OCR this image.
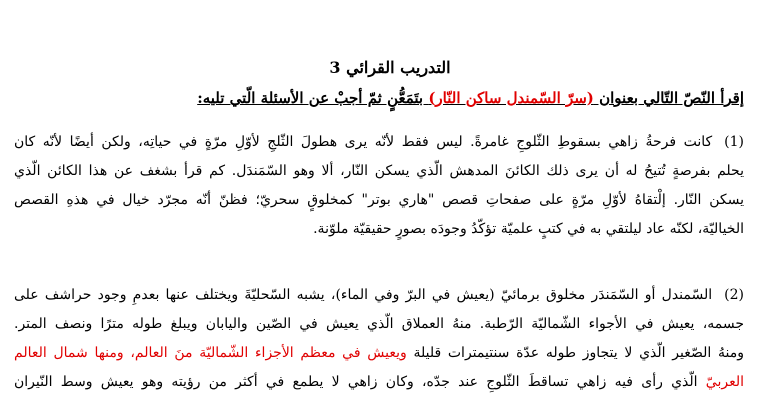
التدريب القرائي 3
إقرأ النّصّ التّالي بعنوان (سرّ السّمندل ساكن النّار) بتَمَعُّنٍ ثمّ أجبْ عن الأسئلة الّتي تليه:
(1)كانت فرحةُ زاهي بسقوطِ الثّلوجِ غامرةً. ليس فقط لأنّه يرى هطولَ الثّلجِ لأوّلِ مرّةٍ في حياتِه، ولكن أيضًا لأنّه كان
يحلم بفرصةٍ تُتيحُ له أن يرى ذلك الكائنَ المدهش الّذي يسكن النّار، ألا وهو السّمَندَل. كم قرأ بشغف عن هذا الكائن الّذي
يسكن النّار. إلْتقاهُ لأوّلِ مرّةٍ على صفحاتِ قصص "هاري بوتر" كمخلوقٍ سحريّ؛ فظنّ أنّه مجرّد خيال في هذهِ القصص
الخياليّة، لكنّه عاد ليلتقي به في كتبٍ علميّة تؤكّدُ وجودَه بصورٍ حقيقيّة ملوّنة.
(2)السّمندل أو السّمَندَر مخلوق برمائيّ (يعيش في البرّ وفي الماء)، يشبه السّحليّةَ ويختلف عنها بعدمِ وجود حراشف على
جسمه، يعيش في الأجواء الشّماليّة الرّطبة. منهُ العملاق الّذي يعيش في الصّين واليابان ويبلغ طوله مترًا ونصف المتر.
ومنهُ الصّغير الّذي لا يتجاوز طوله عدّة سنتيمترات قليلة ويعيش في معظم الأجزاء الشّماليّة منَ العالم، ومنها شمال العالم
العربيّ الّذي رأى فيه زاهي تساقطَ الثّلوجِ عند جدّه، وكان زاهي لا يطمع في أكثر من رؤيته وهو يعيش وسط النّيران
